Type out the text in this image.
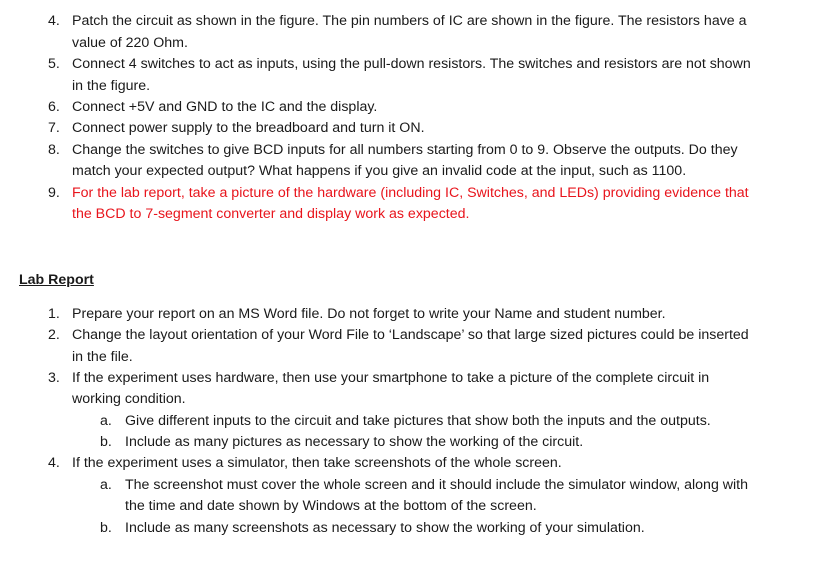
4. Patch the circuit as shown in the figure. The pin numbers of IC are shown in the figure. The resistors have a
value of 220 Ohm.
5. Connect 4 switches to act as inputs, using the pull-down resistors. The switches and resistors are not shown
in the figure.
6. Connect +5V and GND to the IC and the display.
7. Connect power supply to the breadboard and turn it ON.
8. Change the switches to give BCD inputs for all numbers starting from 0 to 9. Observe the outputs. Do they
match your expected output? What happens if you give an invalid code at the input, such as 1100.
9. For the lab report, take a picture of the hardware (including IC, Switches, and LEDs) providing evidence that
the BCD to 7-segment converter and display work as expected.
Lab Report
1. Prepare your report on an MS Word file. Do not forget to write your Name and student number.
2. Change the layout orientation of your Word File to ‘Landscape’ so that large sized pictures could be inserted
in the file.
3. If the experiment uses hardware, then use your smartphone to take a picture of the complete circuit in
working condition.
a. Give different inputs to the circuit and take pictures that show both the inputs and the outputs.
b. Include as many pictures as necessary to show the working of the circuit.
4. If the experiment uses a simulator, then take screenshots of the whole screen.
a. The screenshot must cover the whole screen and it should include the simulator window, along with
the time and date shown by Windows at the bottom of the screen.
b. Include as many screenshots as necessary to show the working of your simulation.
